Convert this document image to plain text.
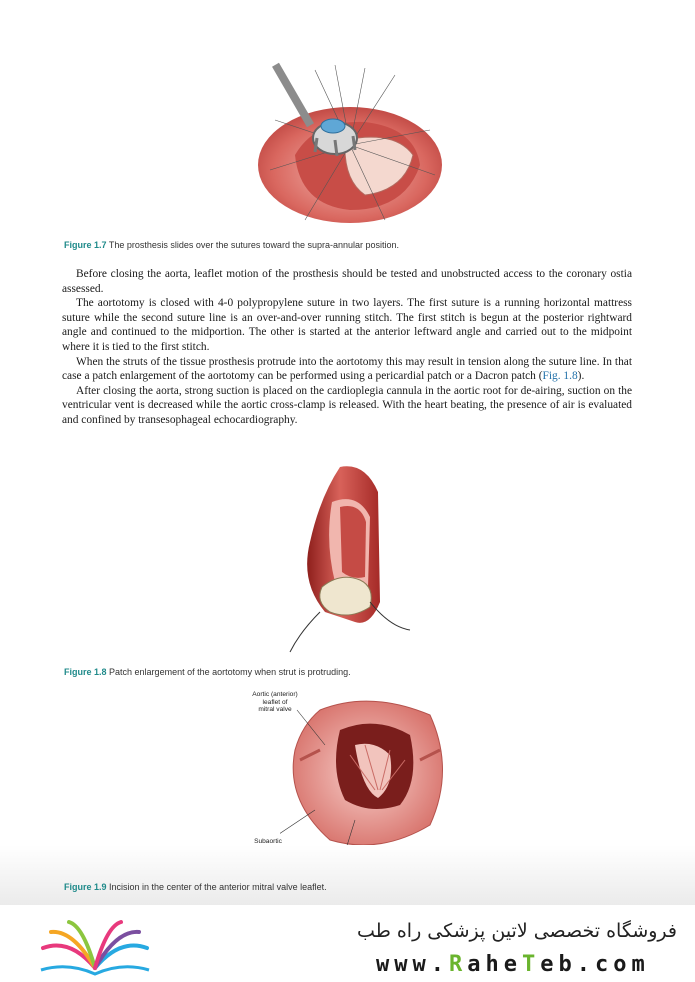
Figure 1.7 The prosthesis slides over the sutures toward the supra-annular position.

Before closing the aorta, leaflet motion of the prosthesis should be tested and unobstructed access to the coronary ostia assessed.

The aortotomy is closed with 4-0 polypropylene suture in two layers. The first suture is a running horizontal mattress suture while the second suture line is an over-and-over running stitch. The first stitch is begun at the posterior rightward angle and continued to the midportion. The other is started at the anterior leftward angle and carried out to the midpoint where it is tied to the first stitch.

When the struts of the tissue prosthesis protrude into the aortotomy this may result in tension along the suture line. In that case a patch enlargement of the aortotomy can be performed using a pericardial patch or a Dacron patch (Fig. 1.8).

After closing the aorta, strong suction is placed on the cardioplegia cannula in the aortic root for de-airing, suction on the ventricular vent is decreased while the aortic cross-clamp is released. With the heart beating, the presence of air is evaluated and confined by transesophageal echocardiography.

Figure 1.8 Patch enlargement of the aortotomy when strut is protruding.
Aortic (anterior)
leaflet of
mitral valve
Subaortic
Figure 1.9 Incision in the center of the anterior mitral valve leaflet.
فروشگاه تخصصی لاتین پزشکی راه طب
www.RaheTeb.com
